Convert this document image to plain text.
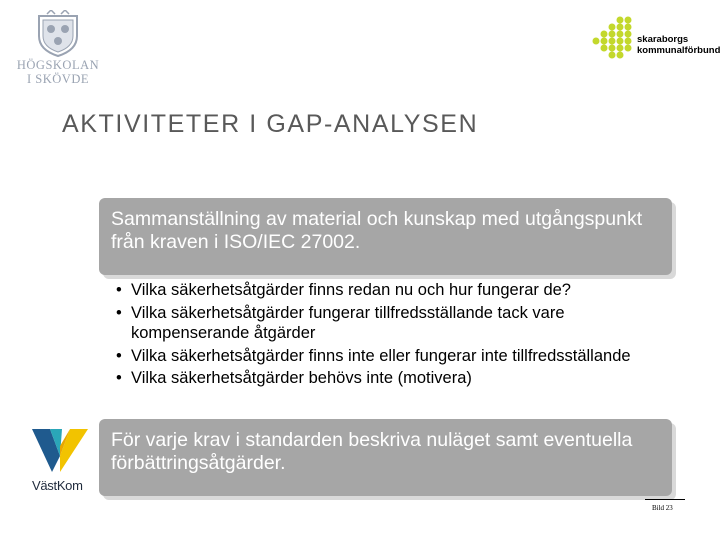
HÖGSKOLAN
I SKÖVDE
skaraborgs
kommunalförbund
AKTIVITETER I GAP-ANALYSEN
Sammanställning av material och kunskap med utgångspunkt från kraven i ISO/IEC 27002.
• Vilka säkerhetsåtgärder finns redan nu och hur fungerar de?
• Vilka säkerhetsåtgärder fungerar tillfredsställande tack vare kompenserande åtgärder
• Vilka säkerhetsåtgärder finns inte eller fungerar inte tillfredsställande
• Vilka säkerhetsåtgärder behövs inte (motivera)
För varje krav i standarden beskriva nuläget samt eventuella förbättringsåtgärder.
VästKom
Bild 23
